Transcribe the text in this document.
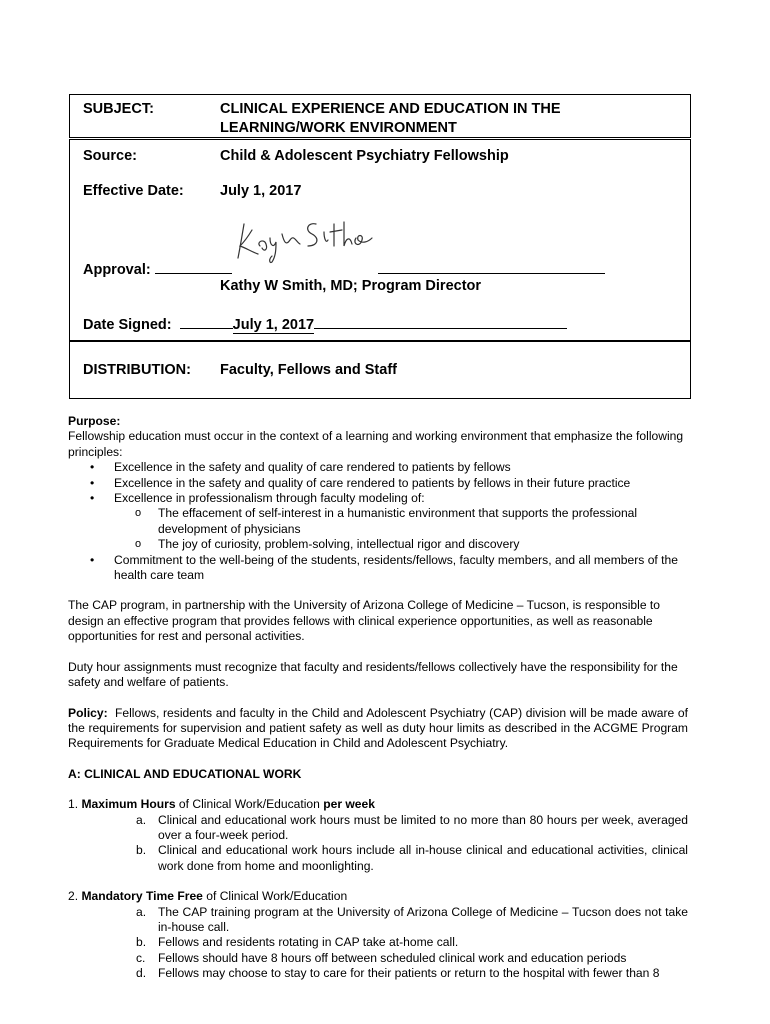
SUBJECT:	CLINICAL EXPERIENCE AND EDUCATION IN THE
LEARNING/WORK ENVIRONMENT
Source:	Child & Adolescent Psychiatry Fellowship
Effective Date:	July 1, 2017
Approval:
Kathy W Smith, MD; Program Director
Date Signed:	July 1, 2017
DISTRIBUTION: Faculty, Fellows and Staff

Purpose:

Fellowship education must occur in the context of a learning and working environment that emphasize the following principles:

• Excellence in the safety and quality of care rendered to patients by fellows
• Excellence in the safety and quality of care rendered to patients by fellows in their future practice
• Excellence in professionalism through faculty modeling of:
o The effacement of self-interest in a humanistic environment that supports the professional development of physicians
o The joy of curiosity, problem-solving, intellectual rigor and discovery
• Commitment to the well-being of the students, residents/fellows, faculty members, and all members of the health care team

The CAP program, in partnership with the University of Arizona College of Medicine – Tucson, is responsible to design an effective program that provides fellows with clinical experience opportunities, as well as reasonable opportunities for rest and personal activities.

Duty hour assignments must recognize that faculty and residents/fellows collectively have the responsibility for the safety and welfare of patients.

Policy: Fellows, residents and faculty in the Child and Adolescent Psychiatry (CAP) division will be made aware of the requirements for supervision and patient safety as well as duty hour limits as described in the ACGME Program Requirements for Graduate Medical Education in Child and Adolescent Psychiatry.

A: CLINICAL AND EDUCATIONAL WORK

1. Maximum Hours of Clinical Work/Education per week

a. Clinical and educational work hours must be limited to no more than 80 hours per week, averaged over a four-week period.
b. Clinical and educational work hours include all in-house clinical and educational activities, clinical work done from home and moonlighting.

2. Mandatory Time Free of Clinical Work/Education

a. The CAP training program at the University of Arizona College of Medicine – Tucson does not take in-house call.
b. Fellows and residents rotating in CAP take at-home call.
c. Fellows should have 8 hours off between scheduled clinical work and education periods
d. Fellows may choose to stay to care for their patients or return to the hospital with fewer than 8
